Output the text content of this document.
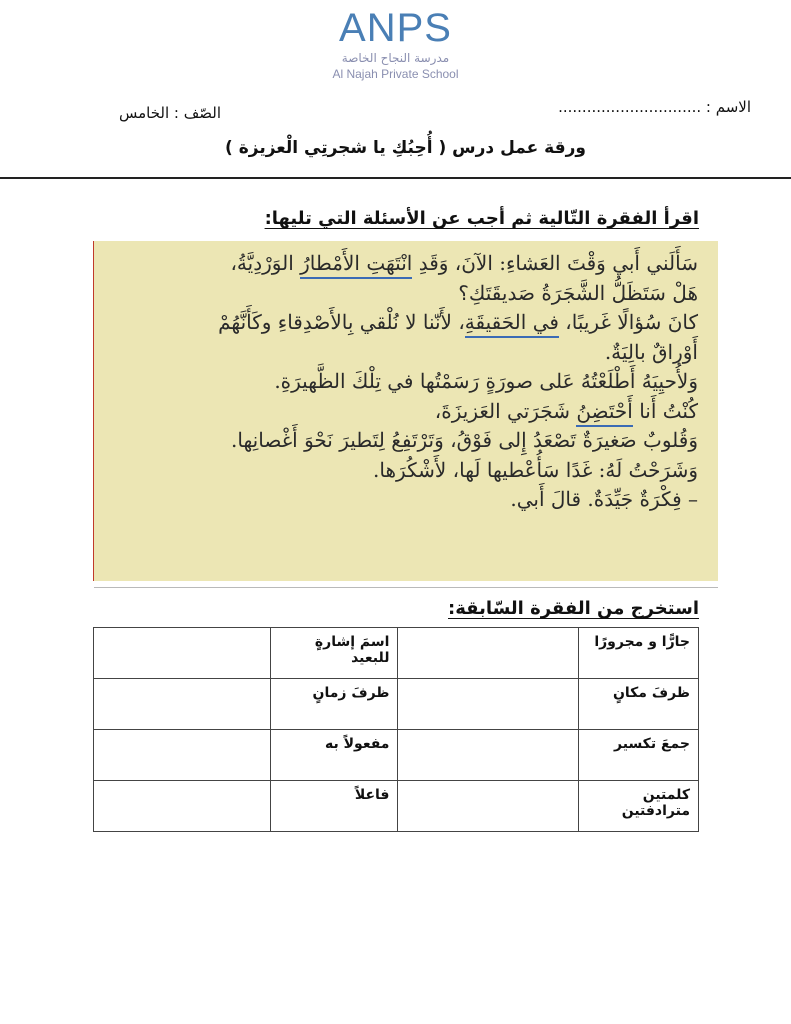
ANPS
مدرسة النجاح الخاصة
Al Najah Private School
الاسم : ..............................
الصّف : الخامس
ورقة عمل درس ( أُحِبُكِ يا شجرتِي الْعزيزة )
اقرأ الفقرة التّالية ثم أجب عن الأسئلة التي تليها:
سَأَلَني أَبي وَقْتَ العَشاءِ: الآنَ، وَقَدِ انْتَهَتِ الأَمْطارُ الوَرْدِيَّةُ،
هَلْ سَتَظَلُّ الشَّجَرَةُ صَديقَتَكِ؟
كانَ سُؤالًا غَريبًا، في الحَقيقَةِ، لأَنّنا لا نُلْقي بِالأَصْدِقاءِ وكَأَنَّهُمْ
أَوْراقٌ بالِيَةٌ.
وَلأُحيِيَهُ أَطْلَعْتُهُ عَلى صورَةٍ رَسَمْتُها في تِلْكَ الظَّهيرَةِ.
كُنْتُ أَنا أَحْتَضِنُ شَجَرَتي العَزيزَةَ،
وَقُلوبٌ صَغيرَةٌ تَصْعَدُ إِلى فَوْقُ، وَتَرْتَفِعُ لِتَطيرَ نَحْوَ أَغْصانِها.
وَشَرَحْتُ لَهُ: غَدًا سَأُعْطيها لَها، لأَشْكُرَها.
– فِكْرَةٌ جَيِّدَةٌ. قالَ أَبي.
استخرج من الفقرة السّابقة:
جارًّا و مجرورًا		اسمَ إشارةٍ للبعيد	
ظرفَ مكانٍ		ظرفَ زمانٍ	
جمعَ تكسير		مفعولاً به	
كلمتين مترادفتين		فاعلاً	
